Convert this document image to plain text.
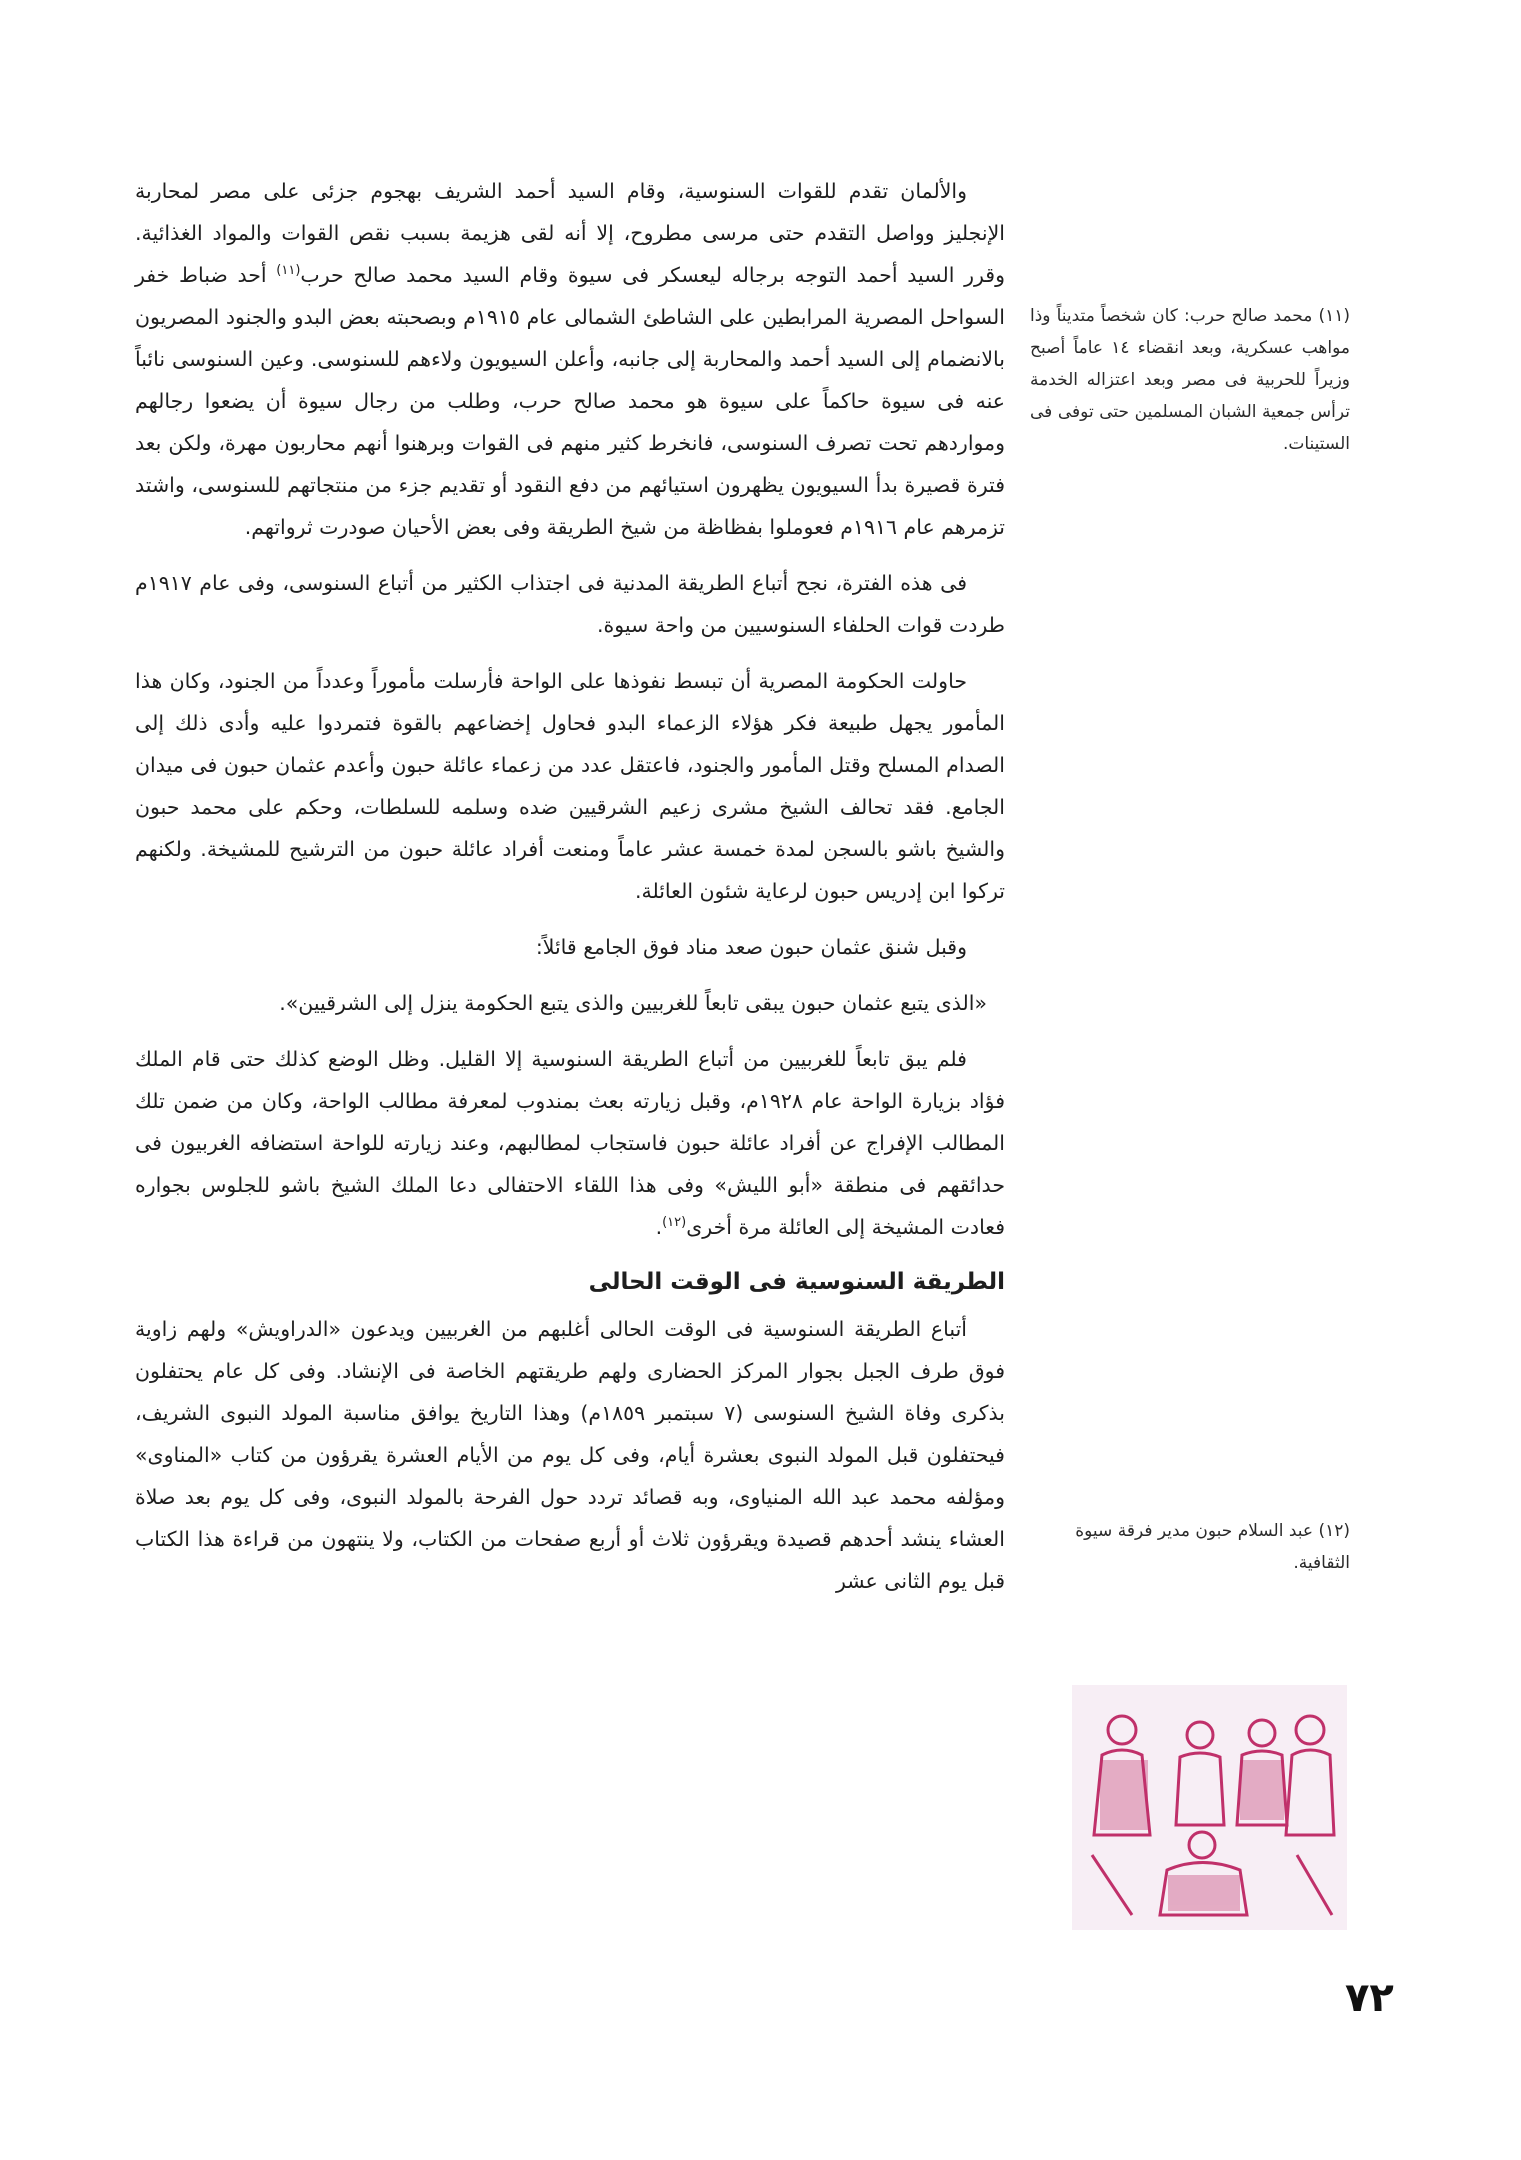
والألمان تقدم للقوات السنوسية، وقام السيد أحمد الشريف بهجوم جزئى على مصر لمحاربة الإنجليز وواصل التقدم حتى مرسى مطروح، إلا أنه لقى هزيمة بسبب نقص القوات والمواد الغذائية. وقرر السيد أحمد التوجه برجاله ليعسكر فى سيوة وقام السيد محمد صالح حرب$^{(١١)}$ أحد ضباط خفر السواحل المصرية المرابطين على الشاطئ الشمالى عام ١٩١٥م وبصحبته بعض البدو والجنود المصريون بالانضمام إلى السيد أحمد والمحاربة إلى جانبه، وأعلن السيويون ولاءهم للسنوسى. وعين السنوسى نائباً عنه فى سيوة حاكماً على سيوة هو محمد صالح حرب، وطلب من رجال سيوة أن يضعوا رجالهم ومواردهم تحت تصرف السنوسى، فانخرط كثير منهم فى القوات وبرهنوا أنهم محاربون مهرة، ولكن بعد فترة قصيرة بدأ السيويون يظهرون استيائهم من دفع النقود أو تقديم جزء من منتجاتهم للسنوسى، واشتد تزمرهم عام ١٩١٦م فعوملوا بفظاظة من شيخ الطريقة وفى بعض الأحيان صودرت ثرواتهم.

فى هذه الفترة، نجح أتباع الطريقة المدنية فى اجتذاب الكثير من أتباع السنوسى، وفى عام ١٩١٧م طردت قوات الحلفاء السنوسيين من واحة سيوة.

حاولت الحكومة المصرية أن تبسط نفوذها على الواحة فأرسلت مأموراً وعدداً من الجنود، وكان هذا المأمور يجهل طبيعة فكر هؤلاء الزعماء البدو فحاول إخضاعهم بالقوة فتمردوا عليه وأدى ذلك إلى الصدام المسلح وقتل المأمور والجنود، فاعتقل عدد من زعماء عائلة حبون وأعدم عثمان حبون فى ميدان الجامع. فقد تحالف الشيخ مشرى زعيم الشرقيين ضده وسلمه للسلطات، وحكم على محمد حبون والشيخ باشو بالسجن لمدة خمسة عشر عاماً ومنعت أفراد عائلة حبون من الترشيح للمشيخة. ولكنهم تركوا ابن إدريس حبون لرعاية شئون العائلة.

وقبل شنق عثمان حبون صعد مناد فوق الجامع قائلاً:

«الذى يتبع عثمان حبون يبقى تابعاً للغربيين والذى يتبع الحكومة ينزل إلى الشرقيين».

فلم يبق تابعاً للغربيين من أتباع الطريقة السنوسية إلا القليل. وظل الوضع كذلك حتى قام الملك فؤاد بزيارة الواحة عام ١٩٢٨م، وقبل زيارته بعث بمندوب لمعرفة مطالب الواحة، وكان من ضمن تلك المطالب الإفراج عن أفراد عائلة حبون فاستجاب لمطالبهم، وعند زيارته للواحة استضافه الغربيون فى حدائقهم فى منطقة «أبو الليش» وفى هذا اللقاء الاحتفالى دعا الملك الشيخ باشو للجلوس بجواره فعادت المشيخة إلى العائلة مرة أخرى$^{(١٢)}$.

الطريقة السنوسية فى الوقت الحالى

أتباع الطريقة السنوسية فى الوقت الحالى أغلبهم من الغربيين ويدعون «الدراويش» ولهم زاوية فوق طرف الجبل بجوار المركز الحضارى ولهم طريقتهم الخاصة فى الإنشاد. وفى كل عام يحتفلون بذكرى وفاة الشيخ السنوسى (٧ سبتمبر ١٨٥٩م) وهذا التاريخ يوافق مناسبة المولد النبوى الشريف، فيحتفلون قبل المولد النبوى بعشرة أيام، وفى كل يوم من الأيام العشرة يقرؤون من كتاب «المناوى» ومؤلفه محمد عبد الله المنياوى، وبه قصائد تردد حول الفرحة بالمولد النبوى، وفى كل يوم بعد صلاة العشاء ينشد أحدهم قصيدة ويقرؤون ثلاث أو أربع صفحات من الكتاب، ولا ينتهون من قراءة هذا الكتاب قبل يوم الثانى عشر

(١١) محمد صالح حرب: كان شخصاً متديناً وذا مواهب عسكرية، وبعد انقضاء ١٤ عاماً أصبح وزيراً للحربية فى مصر وبعد اعتزاله الخدمة ترأس جمعية الشبان المسلمين حتى توفى فى الستينات.
(١٢) عبد السلام حبون مدير فرقة سيوة الثقافية.
٧٢
